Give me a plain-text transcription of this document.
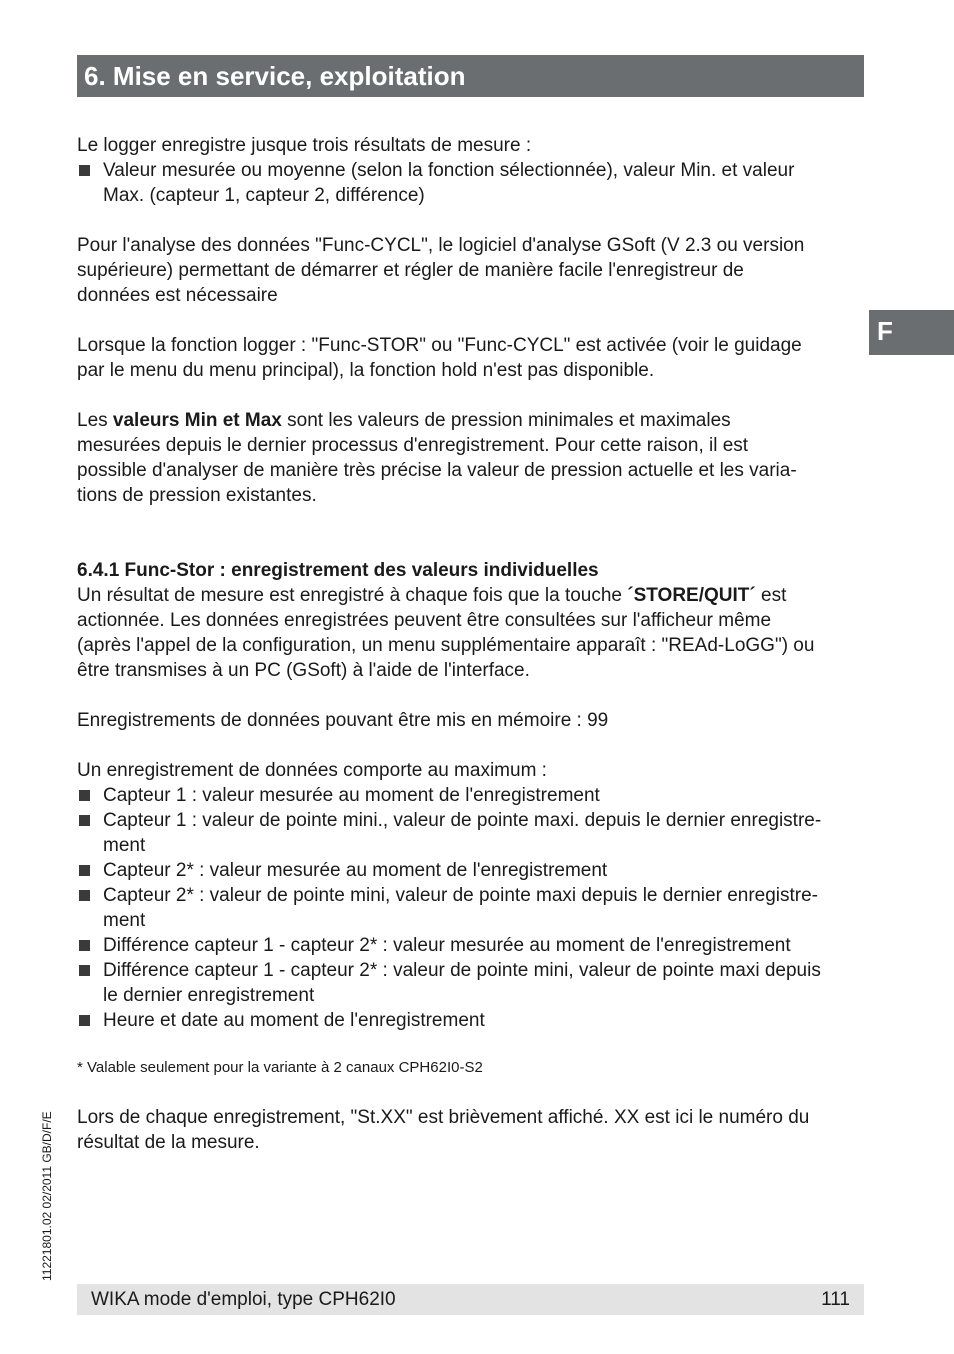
6. Mise en service, exploitation
F

Le logger enregistre jusque trois résultats de mesure :

Valeur mesurée ou moyenne (selon la fonction sélectionnée), valeur Min. et valeur
Max. (capteur 1, capteur 2, différence)

Pour l'analyse des données "Func-CYCL", le logiciel d'analyse GSoft (V 2.3 ou version
supérieure) permettant de démarrer et régler de manière facile l'enregistreur de
données est nécessaire

Lorsque la fonction logger : "Func-STOR" ou "Func-CYCL" est activée (voir le guidage
par le menu du menu principal), la fonction hold n'est pas disponible.

Les valeurs Min et Max sont les valeurs de pression minimales et maximales
mesurées depuis le dernier processus d'enregistrement. Pour cette raison, il est
possible d'analyser de manière très précise la valeur de pression actuelle et les varia-
tions de pression existantes.

6.4.1 Func-Stor : enregistrement des valeurs individuelles

Un résultat de mesure est enregistré à chaque fois que la touche ´STORE/QUIT´ est
actionnée. Les données enregistrées peuvent être consultées sur l'afficheur même
(après l'appel de la configuration, un menu supplémentaire apparaît : "REAd-LoGG") ou
être transmises à un PC (GSoft) à l'aide de l'interface.

Enregistrements de données pouvant être mis en mémoire : 99

Un enregistrement de données comporte au maximum :

Capteur 1 : valeur mesurée au moment de l'enregistrement
Capteur 1 : valeur de pointe mini., valeur de pointe maxi. depuis le dernier enregistre-
ment
Capteur 2* : valeur mesurée au moment de l'enregistrement
Capteur 2* : valeur de pointe mini, valeur de pointe maxi depuis le dernier enregistre-
ment
Différence capteur 1 - capteur 2* : valeur mesurée au moment de l'enregistrement
Différence capteur 1 - capteur 2* : valeur de pointe mini, valeur de pointe maxi depuis
le dernier enregistrement
Heure et date au moment de l'enregistrement
* Valable seulement pour la variante à 2 canaux CPH62I0-S2

Lors de chaque enregistrement, "St.XX" est brièvement affiché. XX est ici le numéro du
résultat de la mesure.

11221801.02 02/2011 GB/D/F/E
WIKA mode d'emploi, type CPH62I0	111
